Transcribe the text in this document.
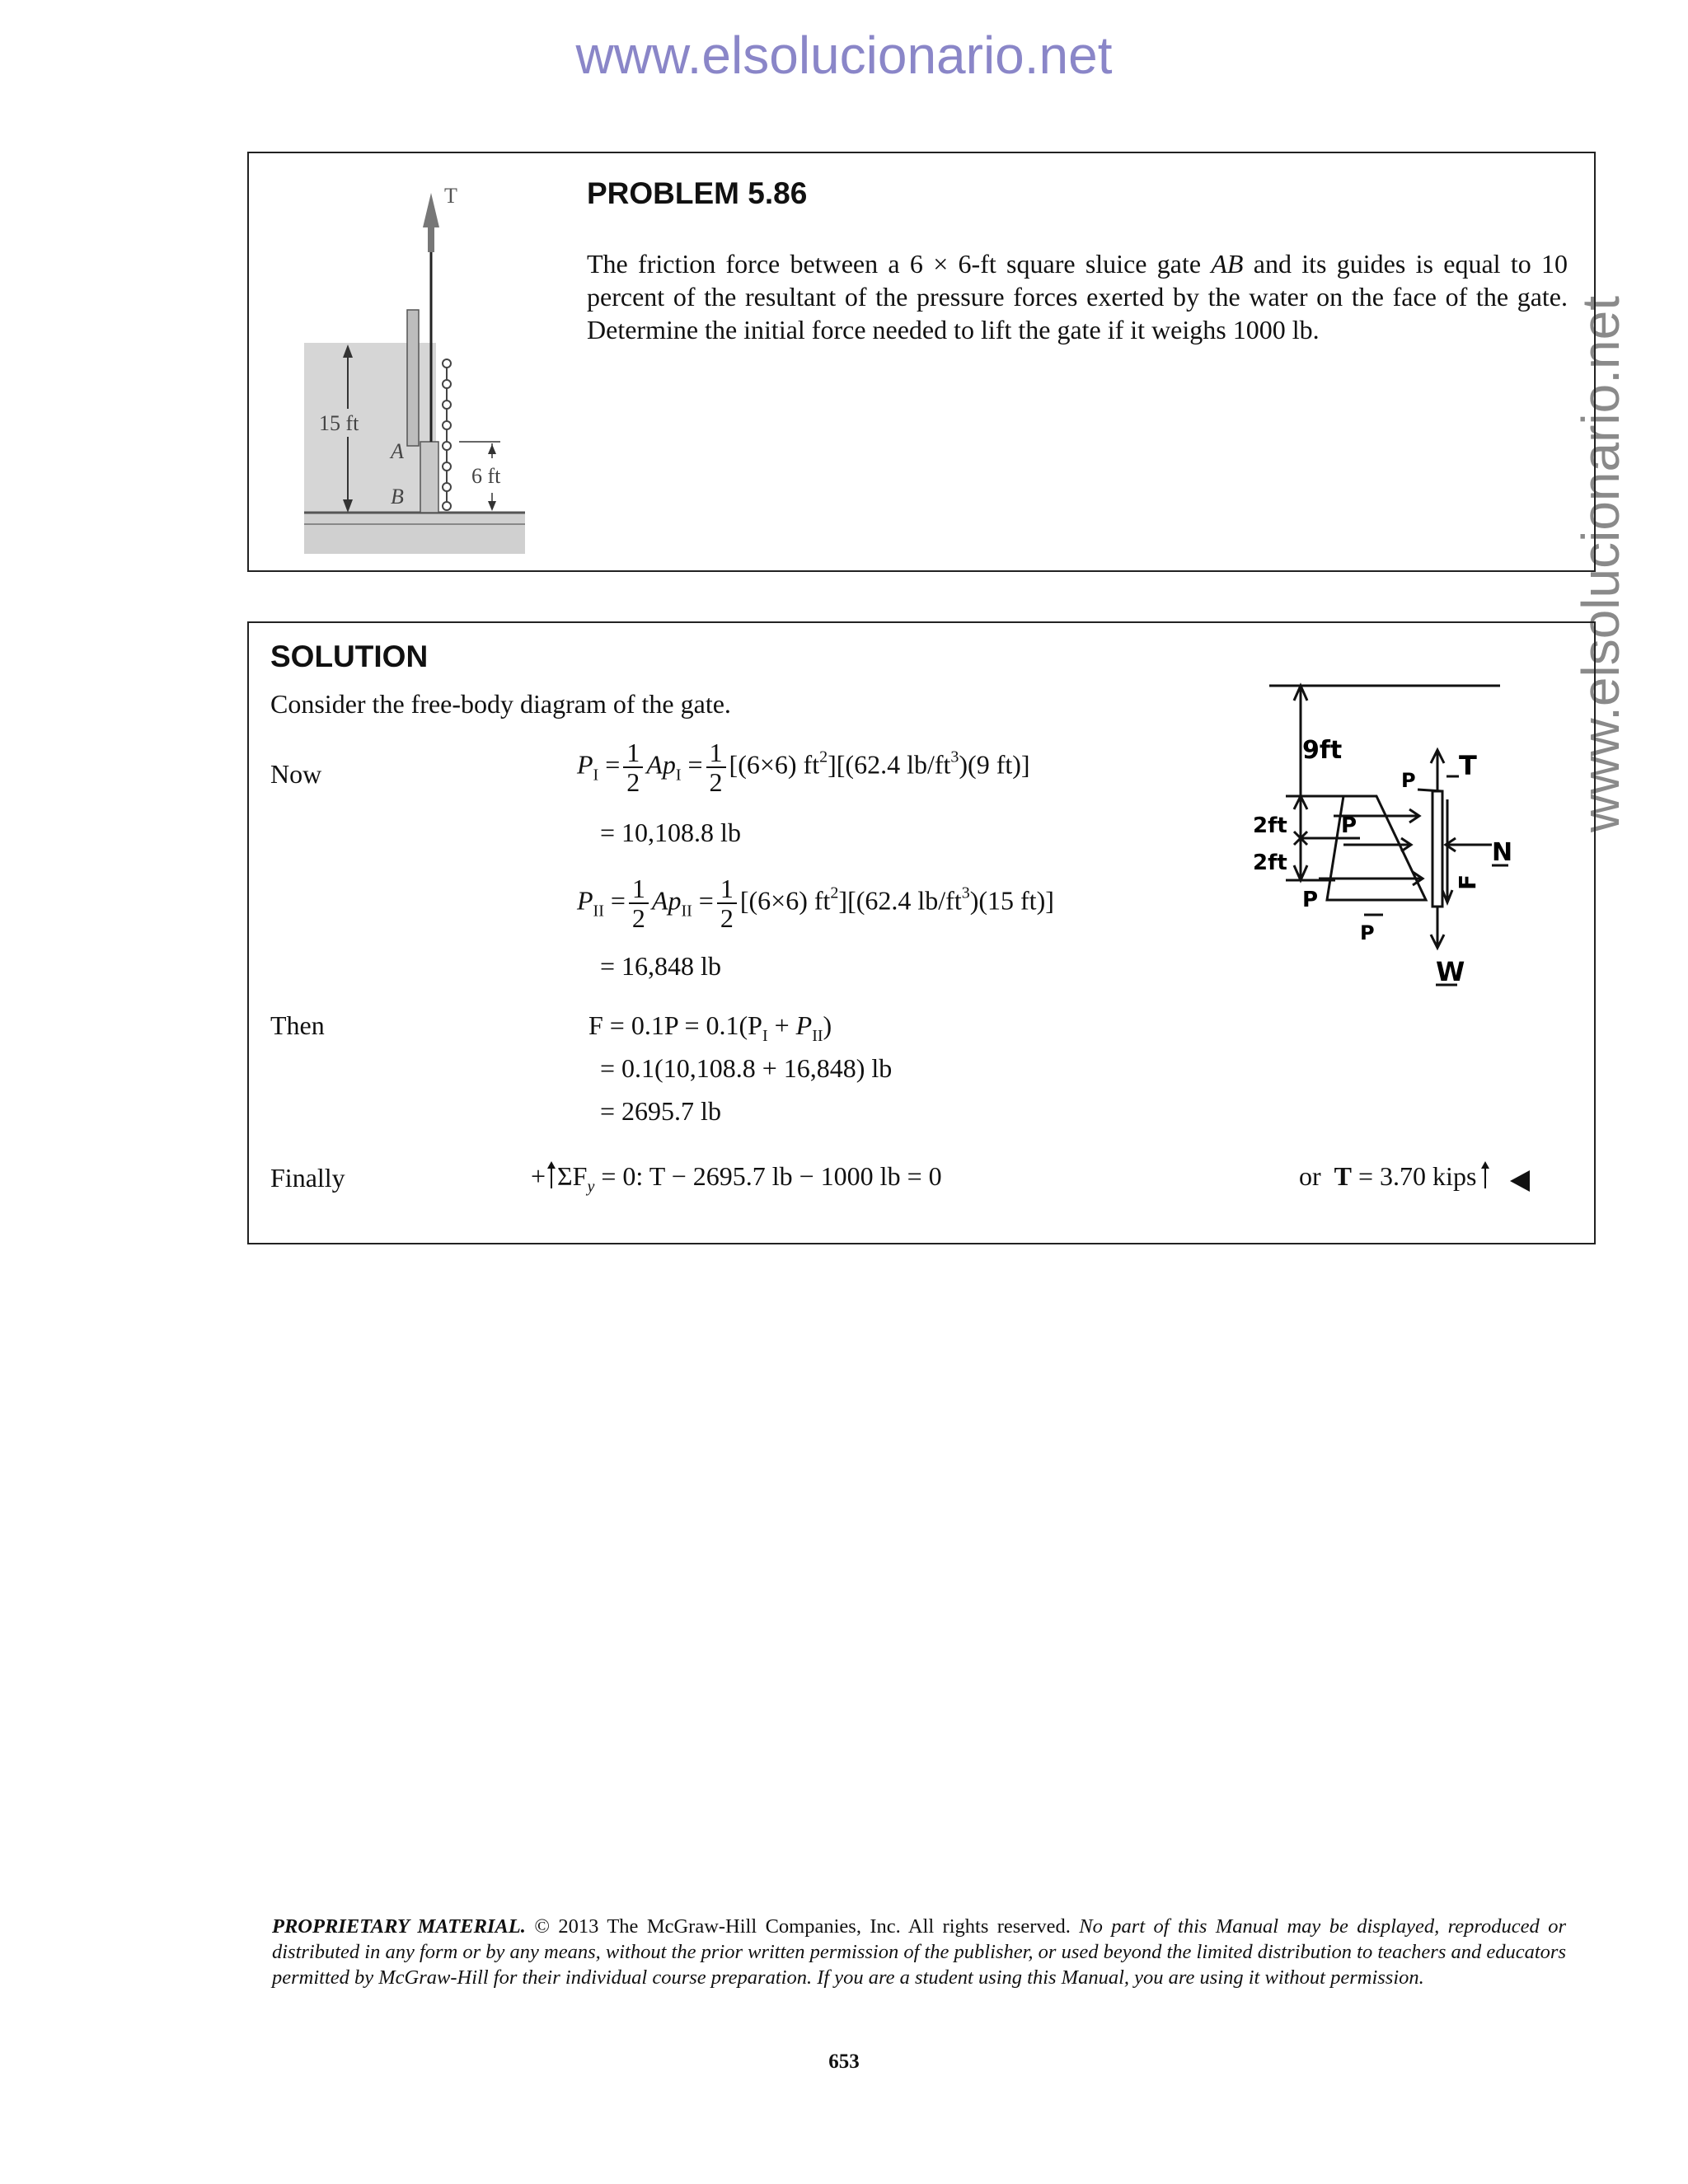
www.elsolucionario.net
www.elsolucionario.net
T
15 ft
A
B
6 ft
PROBLEM 5.86
The friction force between a 6 × 6-ft square sluice gate AB and its guides is equal to 10 percent of the resultant of the pressure forces exerted by the water on the face of the gate. Determine the initial force needed to lift the gate if it weighs 1000 lb.
SOLUTION
Consider the free-body diagram of the gate.
Now	$P_I = \frac{1}{2} Ap_I = \frac{1}{2} [(6\times 6)$ $ft^2][(62.4$ $lb/ft^3)(9$ ft)]
= 10,108.8 lb
$P_{II} = \frac{1}{2} Ap_{II} = \frac{1}{2} [(6\times 6)$ $ft^2][(62.4$ $lb/ft^3)(15$ ft)]
= 16,848 lb
Then	$F = 0.1P = 0.1(P_I + P_{II})$
= 0.1(10,108.8 + 16,848) lb
= 2695.7 lb
Finally	+ $\Sigma F_y = 0$: T − 2695.7 lb − 1000 lb = 0	or T = 3.70 kips
9ft
2ft
2ft
T
N
F
W
P
P
P
P
PROPRIETARY MATERIAL. © 2013 The McGraw-Hill Companies, Inc. All rights reserved. No part of this Manual may be displayed, reproduced or distributed in any form or by any means, without the prior written permission of the publisher, or used beyond the limited distribution to teachers and educators permitted by McGraw-Hill for their individual course preparation. If you are a student using this Manual, you are using it without permission.
653
